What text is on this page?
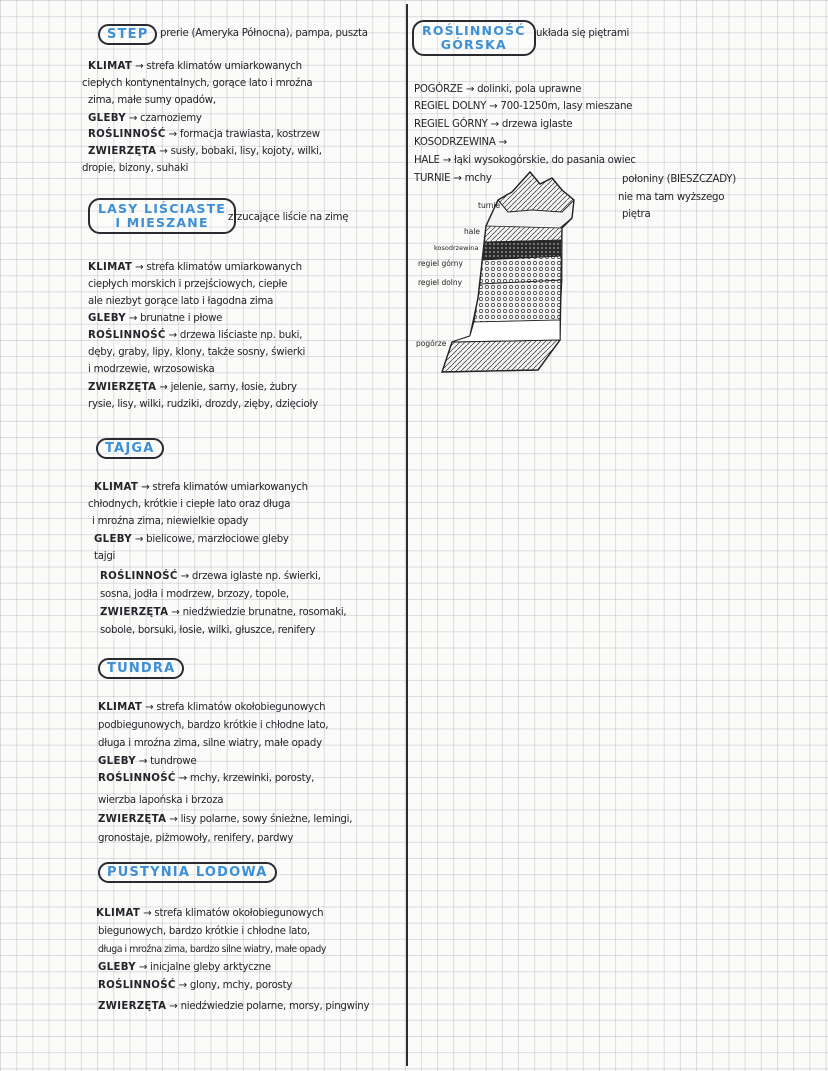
STEP	prerie (Ameryka Północna), pampa, puszta
KLIMAT → strefa klimatów umiarkowanych
ciepłych kontynentalnych, gorące lato i mroźna
zima, małe sumy opadów,
GLEBY → czarnoziemy
ROŚLINNOŚĆ → formacja trawiasta, kostrzew
ZWIERZĘTA → susły, bobaki, lisy, kojoty, wilki,
dropie, bizony, suhaki
LASY LIŚCIASTE
I MIESZANE	zrzucające liście na zimę
KLIMAT → strefa klimatów umiarkowanych
ciepłych morskich i przejściowych, ciepłe
ale niezbyt gorące lato i łagodna zima
GLEBY → brunatne i płowe
ROŚLINNOŚĆ → drzewa liściaste np. buki,
dęby, graby, lipy, klony, także sosny, świerki
i modrzewie, wrzosowiska
ZWIERZĘTA → jelenie, sarny, łosie, żubry
rysie, lisy, wilki, rudziki, drozdy, zięby, dzięcioły
TAJGA
KLIMAT → strefa klimatów umiarkowanych
chłodnych, krótkie i ciepłe lato oraz długa
i mroźna zima, niewielkie opady
GLEBY → bielicowe, marzłociowe gleby
tajgi
ROŚLINNOŚĆ → drzewa iglaste np. świerki,
sosna, jodła i modrzew, brzozy, topole,
ZWIERZĘTA → niedźwiedzie brunatne, rosomaki,
sobole, borsuki, łosie, wilki, głuszce, renifery
TUNDRA
KLIMAT → strefa klimatów okołobiegunowych
podbiegunowych, bardzo krótkie i chłodne lato,
długa i mroźna zima, silne wiatry, małe opady
GLEBY → tundrowe
ROŚLINNOŚĆ → mchy, krzewinki, porosty,
wierzba lapońska i brzoza
ZWIERZĘTA → lisy polarne, sowy śnieżne, lemingi,
gronostaje, piżmowoły, renifery, pardwy
PUSTYNIA LODOWA
KLIMAT → strefa klimatów okołobiegunowych
biegunowych, bardzo krótkie i chłodne lato,
długa i mroźna zima, bardzo silne wiatry, małe opady
GLEBY → inicjalne gleby arktyczne
ROŚLINNOŚĆ → glony, mchy, porosty
ZWIERZĘTA → niedźwiedzie polarne, morsy, pingwiny
ROŚLINNOŚĆ
GÓRSKA
układa się piętrami
POGÓRZE → dolinki, pola uprawne
REGIEL DOLNY → 700-1250m, lasy mieszane
REGIEL GÓRNY → drzewa iglaste
KOSODRZEWINA →
HALE → łąki wysokogórskie, do pasania owiec
TURNIE → mchy	połoniny (BIESZCZADY)
nie ma tam wyższego
piętra
turnie
hale
kosodrzewina
regiel górny
regiel dolny
pogórze
